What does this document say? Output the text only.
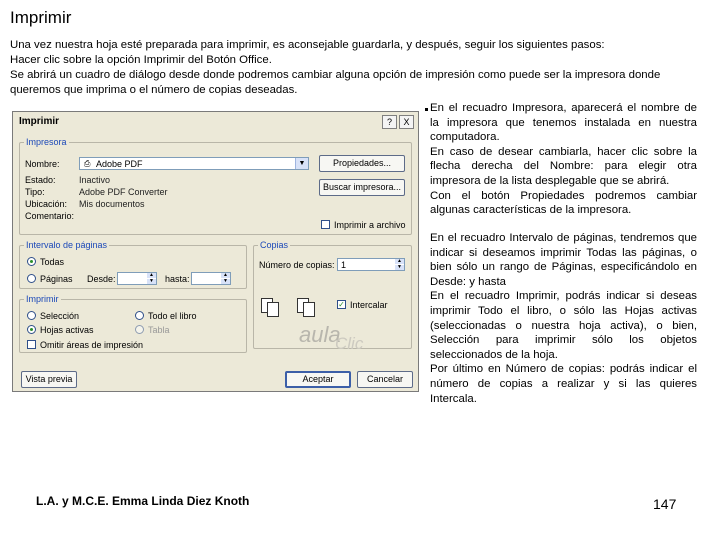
Imprimir

Una vez nuestra hoja esté preparada para imprimir, es aconsejable guardarla, y después, seguir los siguientes pasos:

Hacer clic sobre la opción Imprimir del Botón Office.

Se abrirá un cuadro de diálogo desde donde podremos cambiar alguna opción de impresión como puede ser la impresora donde queremos que imprima o el número de copias deseadas.

Imprimir	?	X
Impresora
Nombre:	⎙ Adobe PDF	▼
Estado:	Inactivo
Tipo:	Adobe PDF Converter
Ubicación: Mis documentos
Comentario:
Propiedades...
Buscar impresora...
Imprimir a archivo
Intervalo de páginas
Todas
Páginas Desde:	▲
▼ hasta:	▲
▼
Copias
Número de copias: 1	▲
▼
✓ Intercalar
Imprimir
Selección
Hojas activas
Todo el libro
Tabla
Omitir áreas de impresión	aula
Clic
Vista previa	Aceptar	Cancelar

En el recuadro Impresora, aparecerá el nombre de la impresora que tenemos instalada en nuestra computadora.

En caso de desear cambiarla, hacer clic sobre la flecha derecha del Nombre: para elegir otra impresora de la lista desplegable que se abrirá.

Con el botón Propiedades podremos cambiar algunas características de la impresora.

En el recuadro Intervalo de páginas, tendremos que indicar si deseamos imprimir Todas las páginas, o bien sólo un rango de Páginas, especificándolo en Desde: y hasta

En el recuadro Imprimir, podrás indicar si deseas imprimir Todo el libro, o sólo las Hojas activas (seleccionadas o nuestra hoja activa), o bien, Selección para imprimir sólo los objetos seleccionados de la hoja.

Por último en Número de copias: podrás indicar el número de copias a realizar y si las quieres Intercala.

L.A. y M.C.E. Emma Linda Diez Knoth	147
